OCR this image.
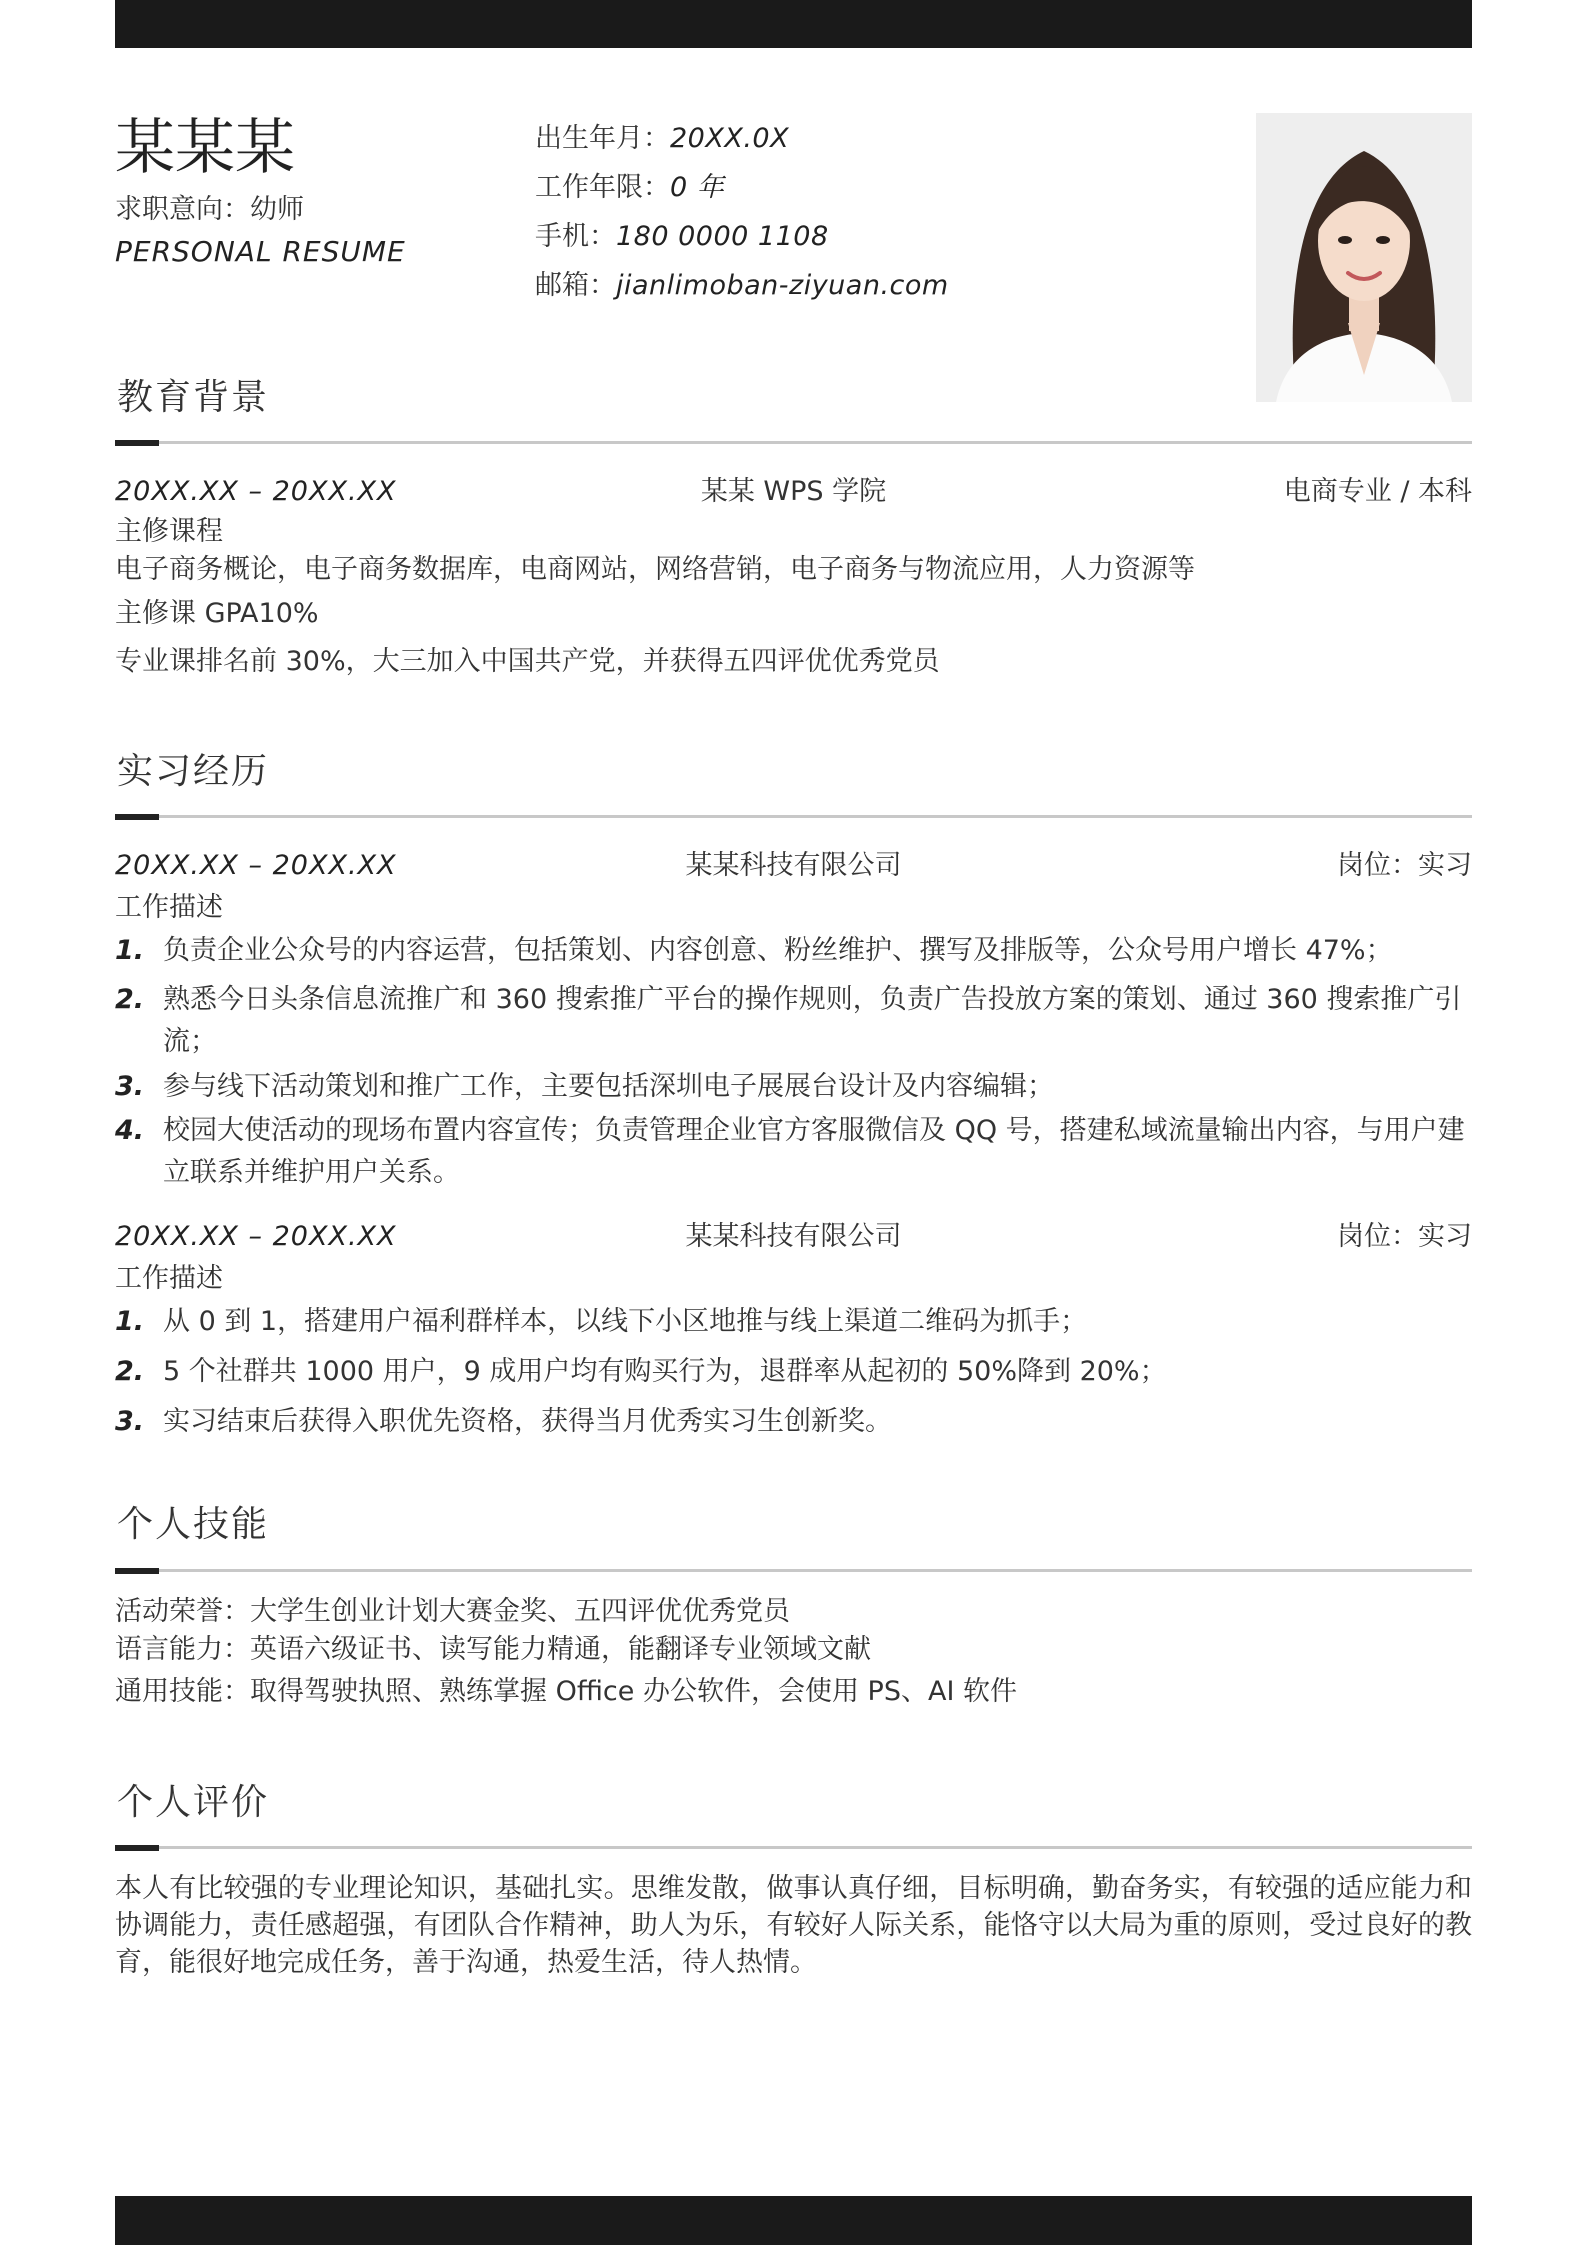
某某某
求职意向：幼师
PERSONAL RESUME
出生年月：20XX.0X
工作年限：0 年
手机：180 0000 1108
邮箱：jianlimoban-ziyuan.com
教育背景
20XX.XX – 20XX.XX	某某 WPS 学院	电商专业 / 本科
主修课程
电子商务概论，电子商务数据库，电商网站，网络营销，电子商务与物流应用，人力资源等
主修课 GPA10%
专业课排名前 30%，大三加入中国共产党，并获得五四评优优秀党员
实习经历
20XX.XX – 20XX.XX	某某科技有限公司	岗位：实习
工作描述
1. 负责企业公众号的内容运营，包括策划、内容创意、粉丝维护、撰写及排版等，公众号用户增长 47%；
2. 熟悉今日头条信息流推广和 360 搜索推广平台的操作规则，负责广告投放方案的策划、通过 360 搜索推广引流；
3. 参与线下活动策划和推广工作，主要包括深圳电子展展台设计及内容编辑；
4. 校园大使活动的现场布置内容宣传；负责管理企业官方客服微信及 QQ 号，搭建私域流量输出内容，与用户建立联系并维护用户关系。
20XX.XX – 20XX.XX	某某科技有限公司	岗位：实习
工作描述
1. 从 0 到 1，搭建用户福利群样本，以线下小区地推与线上渠道二维码为抓手；
2. 5 个社群共 1000 用户，9 成用户均有购买行为，退群率从起初的 50%降到 20%；
3. 实习结束后获得入职优先资格，获得当月优秀实习生创新奖。
个人技能
活动荣誉：大学生创业计划大赛金奖、五四评优优秀党员
语言能力：英语六级证书、读写能力精通，能翻译专业领域文献
通用技能：取得驾驶执照、熟练掌握 Office 办公软件，会使用 PS、AI 软件
个人评价
本人有比较强的专业理论知识，基础扎实。思维发散，做事认真仔细，目标明确，勤奋务实，有较强的适应能力和协调能力，责任感超强，有团队合作精神，助人为乐，有较好人际关系，能恪守以大局为重的原则，受过良好的教育，能很好地完成任务，善于沟通，热爱生活，待人热情。
